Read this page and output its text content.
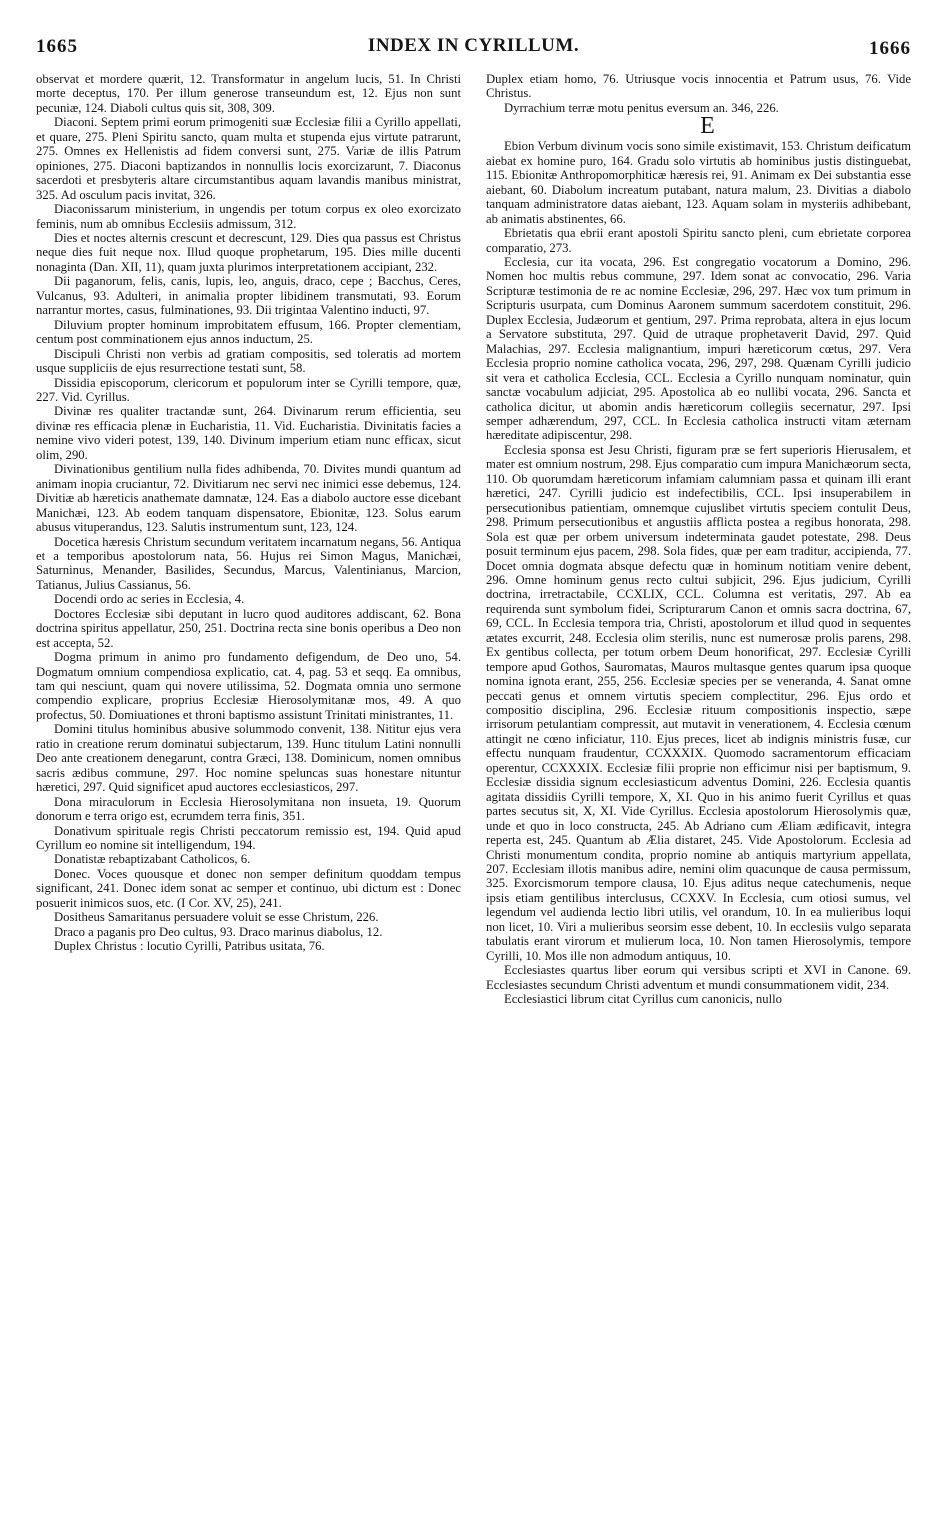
1665	INDEX IN CYRILLUM.	1666

observat et mordere quærit, 12. Transformatur in angelum lucis, 51. In Christi morte deceptus, 170. Per illum generose transeundum est, 12. Ejus non sunt pecuniæ, 124. Diaboli cultus quis sit, 308, 309.

Diaconi. Septem primi eorum primogeniti suæ Ecclesiæ filii a Cyrillo appellati, et quare, 275. Pleni Spiritu sancto, quam multa et stupenda ejus virtute patrarunt, 275. Omnes ex Hellenistis ad fidem conversi sunt, 275. Variæ de illis Patrum opiniones, 275. Diaconi baptizandos in nonnullis locis exorcizarunt, 7. Diaconus sacerdoti et presbyteris altare circumstantibus aquam lavandis manibus ministrat, 325. Ad osculum pacis invitat, 326.

Diaconissarum ministerium, in ungendis per totum corpus ex oleo exorcizato feminis, num ab omnibus Ecclesiis admissum, 312.

Dies et noctes alternis crescunt et decrescunt, 129. Dies qua passus est Christus neque dies fuit neque nox. Illud quoque prophetarum, 195. Dies mille ducenti nonaginta (Dan. XII, 11), quam juxta plurimos interpretationem accipiant, 232.

Dii paganorum, felis, canis, lupis, leo, anguis, draco, cepe ; Bacchus, Ceres, Vulcanus, 93. Adulteri, in animalia propter libidinem transmutati, 93. Eorum narrantur mortes, casus, fulminationes, 93. Dii trigintaa Valentino inducti, 97.

Diluvium propter hominum improbitatem effusum, 166. Propter clementiam, centum post comminationem ejus annos inductum, 25.

Discipuli Christi non verbis ad gratiam compositis, sed toleratis ad mortem usque suppliciis de ejus resurrectione testati sunt, 58.

Dissidia episcoporum, clericorum et populorum inter se Cyrilli tempore, quæ, 227. Vid. Cyrillus.

Divinæ res qualiter tractandæ sunt, 264. Divinarum rerum efficientia, seu divinæ res efficacia plenæ in Eucharistia, 11. Vid. Eucharistia. Divinitatis facies a nemine vivo videri potest, 139, 140. Divinum imperium etiam nunc efficax, sicut olim, 290.

Divinationibus gentilium nulla fides adhibenda, 70. Divites mundi quantum ad animam inopia cruciantur, 72. Divitiarum nec servi nec inimici esse debemus, 124. Divitiæ ab hæreticis anathemate damnatæ, 124. Eas a diabolo auctore esse dicebant Manichæi, 123. Ab eodem tanquam dispensatore, Ebionitæ, 123. Solus earum abusus vituperandus, 123. Salutis instrumentum sunt, 123, 124.

Docetica hæresis Christum secundum veritatem incarnatum negans, 56. Antiqua et a temporibus apostolorum nata, 56. Hujus rei Simon Magus, Manichæi, Saturninus, Menander, Basilides, Secundus, Marcus, Valentinianus, Marcion, Tatianus, Julius Cassianus, 56.

Docendi ordo ac series in Ecclesia, 4.

Doctores Ecclesiæ sibi deputant in lucro quod auditores addiscant, 62. Bona doctrina spiritus appellatur, 250, 251. Doctrina recta sine bonis operibus a Deo non est accepta, 52.

Dogma primum in animo pro fundamento defigendum, de Deo uno, 54. Dogmatum omnium compendiosa explicatio, cat. 4, pag. 53 et seqq. Ea omnibus, tam qui nesciunt, quam qui novere utilissima, 52. Dogmata omnia uno sermone compendio explicare, proprius Ecclesiæ Hierosolymitanæ mos, 49. A quo profectus, 50. Domiuationes et throni baptismo assistunt Trinitati ministrantes, 11.

Domini titulus hominibus abusive solummodo convenit, 138. Nititur ejus vera ratio in creatione rerum dominatui subjectarum, 139. Hunc titulum Latini nonnulli Deo ante creationem denegarunt, contra Græci, 138. Dominicum, nomen omnibus sacris ædibus commune, 297. Hoc nomine speluncas suas honestare nituntur hæretici, 297. Quid significet apud auctores ecclesiasticos, 297.

Dona miraculorum in Ecclesia Hierosolymitana non insueta, 19. Quorum donorum e terra origo est, ecrumdem terra finis, 351.

Donativum spirituale regis Christi peccatorum remissio est, 194. Quid apud Cyrillum eo nomine sit intelligendum, 194.

Donatistæ rebaptizabant Catholicos, 6.

Donec. Voces quousque et donec non semper definitum quoddam tempus significant, 241. Donec idem sonat ac semper et continuo, ubi dictum est : Donec posuerit inimicos suos, etc. (I Cor. XV, 25), 241.

Dositheus Samaritanus persuadere voluit se esse Christum, 226.

Draco a paganis pro Deo cultus, 93. Draco marinus diabolus, 12.

Duplex Christus : locutio Cyrilli, Patribus usitata, 76.

Duplex etiam homo, 76. Utriusque vocis innocentia et Patrum usus, 76. Vide Christus.

Dyrrachium terræ motu penitus eversum an. 346, 226.

E

Ebion Verbum divinum vocis sono simile existimavit, 153. Christum deificatum aiebat ex homine puro, 164. Gradu solo virtutis ab hominibus justis distinguebat, 115. Ebionitæ Anthropomorphiticæ hæresis rei, 91. Animam ex Dei substantia esse aiebant, 60. Diabolum increatum putabant, natura malum, 23. Divitias a diabolo tanquam administratore datas aiebant, 123. Aquam solam in mysteriis adhibebant, ab animatis abstinentes, 66.

Ebrietatis qua ebrii erant apostoli Spiritu sancto pleni, cum ebrietate corporea comparatio, 273.

Ecclesia, cur ita vocata, 296. Est congregatio vocatorum a Domino, 296. Nomen hoc multis rebus commune, 297. Idem sonat ac convocatio, 296. Varia Scripturæ testimonia de re ac nomine Ecclesiæ, 296, 297. Hæc vox tum primum in Scripturis usurpata, cum Dominus Aaronem summum sacerdotem constituit, 296. Duplex Ecclesia, Judæorum et gentium, 297. Prima reprobata, altera in ejus locum a Servatore substituta, 297. Quid de utraque prophetaverit David, 297. Quid Malachias, 297. Ecclesia malignantium, impuri hæreticorum cœtus, 297. Vera Ecclesia proprio nomine catholica vocata, 296, 297, 298. Quænam Cyrilli judicio sit vera et catholica Ecclesia, CCL. Ecclesia a Cyrillo nunquam nominatur, quin sanctæ vocabulum adjiciat, 295. Apostolica ab eo nullibi vocata, 296. Sancta et catholica dicitur, ut abomin andis hæreticorum collegiis secernatur, 297. Ipsi semper adhærendum, 297, CCL. In Ecclesia catholica instructi vitam æternam hæreditate adipiscentur, 298.

Ecclesia sponsa est Jesu Christi, figuram præ se fert superioris Hierusalem, et mater est omnium nostrum, 298. Ejus comparatio cum impura Manichæorum secta, 110. Ob quorumdam hæreticorum infamiam calumniam passa et quinam illi erant hæretici, 247. Cyrilli judicio est indefectibilis, CCL. Ipsi insuperabilem in persecutionibus patientiam, omnemque cujuslibet virtutis speciem contulit Deus, 298. Primum persecutionibus et angustiis afflicta postea a regibus honorata, 298. Sola est quæ per orbem universum indeterminata gaudet potestate, 298. Deus posuit terminum ejus pacem, 298. Sola fides, quæ per eam traditur, accipienda, 77. Docet omnia dogmata absque defectu quæ in hominum notitiam venire debent, 296. Omne hominum genus recto cultui subjicit, 296. Ejus judicium, Cyrilli doctrina, irretractabile, CCXLIX, CCL. Columna est veritatis, 297. Ab ea requirenda sunt symbolum fidei, Scripturarum Canon et omnis sacra doctrina, 67, 69, CCL. In Ecclesia tempora tria, Christi, apostolorum et illud quod in sequentes ætates excurrit, 248. Ecclesia olim sterilis, nunc est numerosæ prolis parens, 298. Ex gentibus collecta, per totum orbem Deum honorificat, 297. Ecclesiæ Cyrilli tempore apud Gothos, Sauromatas, Mauros multasque gentes quarum ipsa quoque nomina ignota erant, 255, 256. Ecclesiæ species per se veneranda, 4. Sanat omne peccati genus et omnem virtutis speciem complectitur, 296. Ejus ordo et compositio disciplina, 296. Ecclesiæ rituum compositionis inspectio, sæpe irrisorum petulantiam compressit, aut mutavit in venerationem, 4. Ecclesia cœnum attingit ne cœno inficiatur, 110. Ejus preces, licet ab indignis ministris fusæ, cur effectu nunquam fraudentur, CCXXXIX. Quomodo sacramentorum efficaciam operentur, CCXXXIX. Ecclesiæ filii proprie non efficimur nisi per baptismum, 9. Ecclesiæ dissidia signum ecclesiasticum adventus Domini, 226. Ecclesia quantis agitata dissidiis Cyrilli tempore, X, XI. Quo in his animo fuerit Cyrillus et quas partes secutus sit, X, XI. Vide Cyrillus. Ecclesia apostolorum Hierosolymis quæ, unde et quo in loco constructa, 245. Ab Adriano cum Æliam ædificavit, integra reperta est, 245. Quantum ab Ælia distaret, 245. Vide Apostolorum. Ecclesia ad Christi monumentum condita, proprio nomine ab antiquis martyrium appellata, 207. Ecclesiam illotis manibus adire, nemini olim quacunque de causa permissum, 325. Exorcismorum tempore clausa, 10. Ejus aditus neque catechumenis, neque ipsis etiam gentilibus interclusus, CCXXV. In Ecclesia, cum otiosi sumus, vel legendum vel audienda lectio libri utilis, vel orandum, 10. In ea mulieribus loqui non licet, 10. Viri a mulieribus seorsim esse debent, 10. In ecclesiis vulgo separata tabulatis erant virorum et mulierum loca, 10. Non tamen Hierosolymis, tempore Cyrilli, 10. Mos ille non admodum antiquus, 10.

Ecclesiastes quartus liber eorum qui versibus scripti et XVI in Canone. 69. Ecclesiastes secundum Christi adventum et mundi consummationem vidit, 234.

Ecclesiastici librum citat Cyrillus cum canonicis, nullo
